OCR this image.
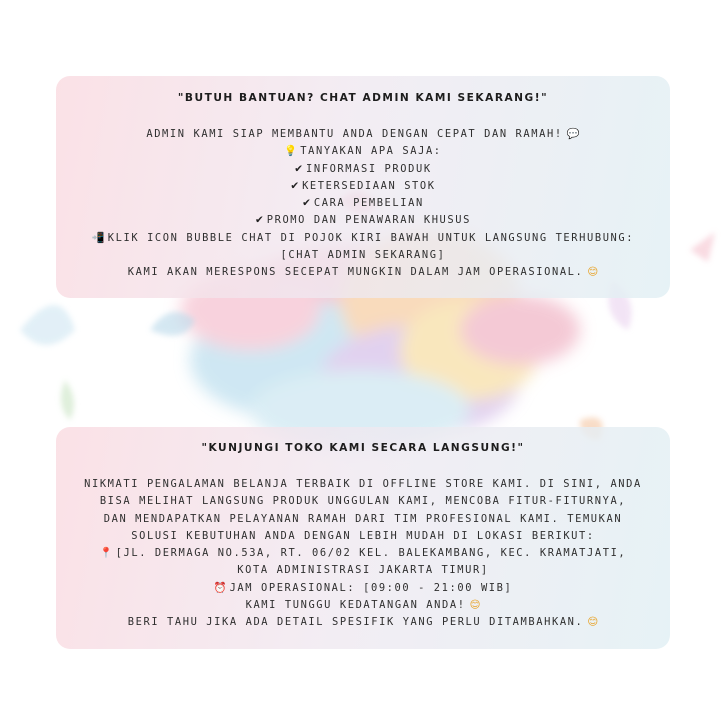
"BUTUH BANTUAN? CHAT ADMIN KAMI SEKARANG!"
ADMIN KAMI SIAP MEMBANTU ANDA DENGAN CEPAT DAN RAMAH! 💬
💡 TANYAKAN APA SAJA:
✔ INFORMASI PRODUK
✔ KETERSEDIAAN STOK
✔ CARA PEMBELIAN
✔ PROMO DAN PENAWARAN KHUSUS
📲 KLIK ICON BUBBLE CHAT DI POJOK KIRI BAWAH UNTUK LANGSUNG TERHUBUNG:
[CHAT ADMIN SEKARANG]
KAMI AKAN MERESPONS SECEPAT MUNGKIN DALAM JAM OPERASIONAL. 😊
"KUNJUNGI TOKO KAMI SECARA LANGSUNG!"
NIKMATI PENGALAMAN BELANJA TERBAIK DI OFFLINE STORE KAMI. DI SINI, ANDA
BISA MELIHAT LANGSUNG PRODUK UNGGULAN KAMI, MENCOBA FITUR-FITURNYA,
DAN MENDAPATKAN PELAYANAN RAMAH DARI TIM PROFESIONAL KAMI. TEMUKAN
SOLUSI KEBUTUHAN ANDA DENGAN LEBIH MUDAH DI LOKASI BERIKUT:
📍 [JL. DERMAGA NO.53A, RT. 06/02 KEL. BALEKAMBANG, KEC. KRAMATJATI,
KOTA ADMINISTRASI JAKARTA TIMUR]
⏰ JAM OPERASIONAL: [09:00 - 21:00 WIB]
KAMI TUNGGU KEDATANGAN ANDA! 😊
BERI TAHU JIKA ADA DETAIL SPESIFIK YANG PERLU DITAMBAHKAN. 😊
